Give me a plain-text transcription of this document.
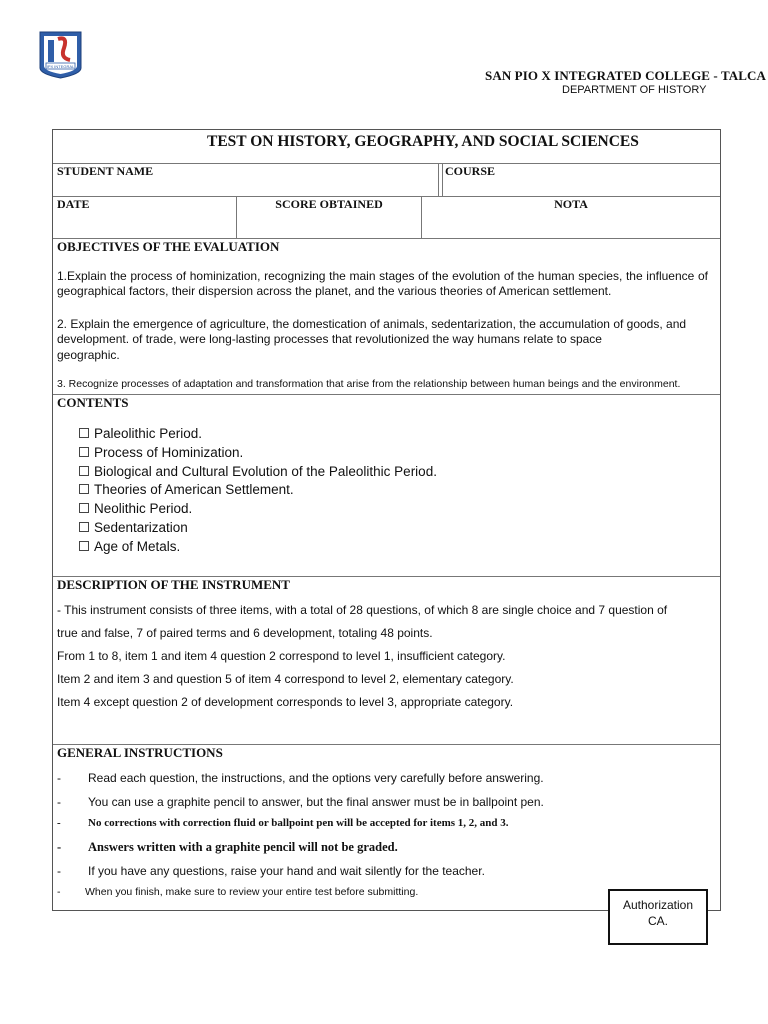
IPX INTEGRAL
SAN PIO X INTEGRATED COLLEGE - TALCA
DEPARTMENT OF HISTORY
TEST ON HISTORY, GEOGRAPHY, AND SOCIAL SCIENCES
STUDENT NAME	COURSE
DATE	SCORE OBTAINED	NOTA
OBJECTIVES OF THE EVALUATION
1.Explain the process of hominization, recognizing the main stages of the evolution of the human species, the influence of geographical factors, their dispersion across the planet, and the various theories of American settlement.
2. Explain the emergence of agriculture, the domestication of animals, sedentarization, the accumulation of goods, and development. of trade, were long-lasting processes that revolutionized the way humans relate to space
geographic.
3. Recognize processes of adaptation and transformation that arise from the relationship between human beings and the environment.
CONTENTS
Paleolithic Period.
Process of Hominization.
Biological and Cultural Evolution of the Paleolithic Period.
Theories of American Settlement.
Neolithic Period.
Sedentarization
Age of Metals.
DESCRIPTION OF THE INSTRUMENT
- This instrument consists of three items, with a total of 28 questions, of which 8 are single choice and 7 question of
true and false, 7 of paired terms and 6 development, totaling 48 points.
From 1 to 8, item 1 and item 4 question 2 correspond to level 1, insufficient category.
Item 2 and item 3 and question 5 of item 4 correspond to level 2, elementary category.
Item 4 except question 2 of development corresponds to level 3, appropriate category.
GENERAL INSTRUCTIONS
- Read each question, the instructions, and the options very carefully before answering.
- You can use a graphite pencil to answer, but the final answer must be in ballpoint pen.
- No corrections with correction fluid or ballpoint pen will be accepted for items 1, 2, and 3.
- Answers written with a graphite pencil will not be graded.
- If you have any questions, raise your hand and wait silently for the teacher.
- When you finish, make sure to review your entire test before submitting.
Authorization
CA.
